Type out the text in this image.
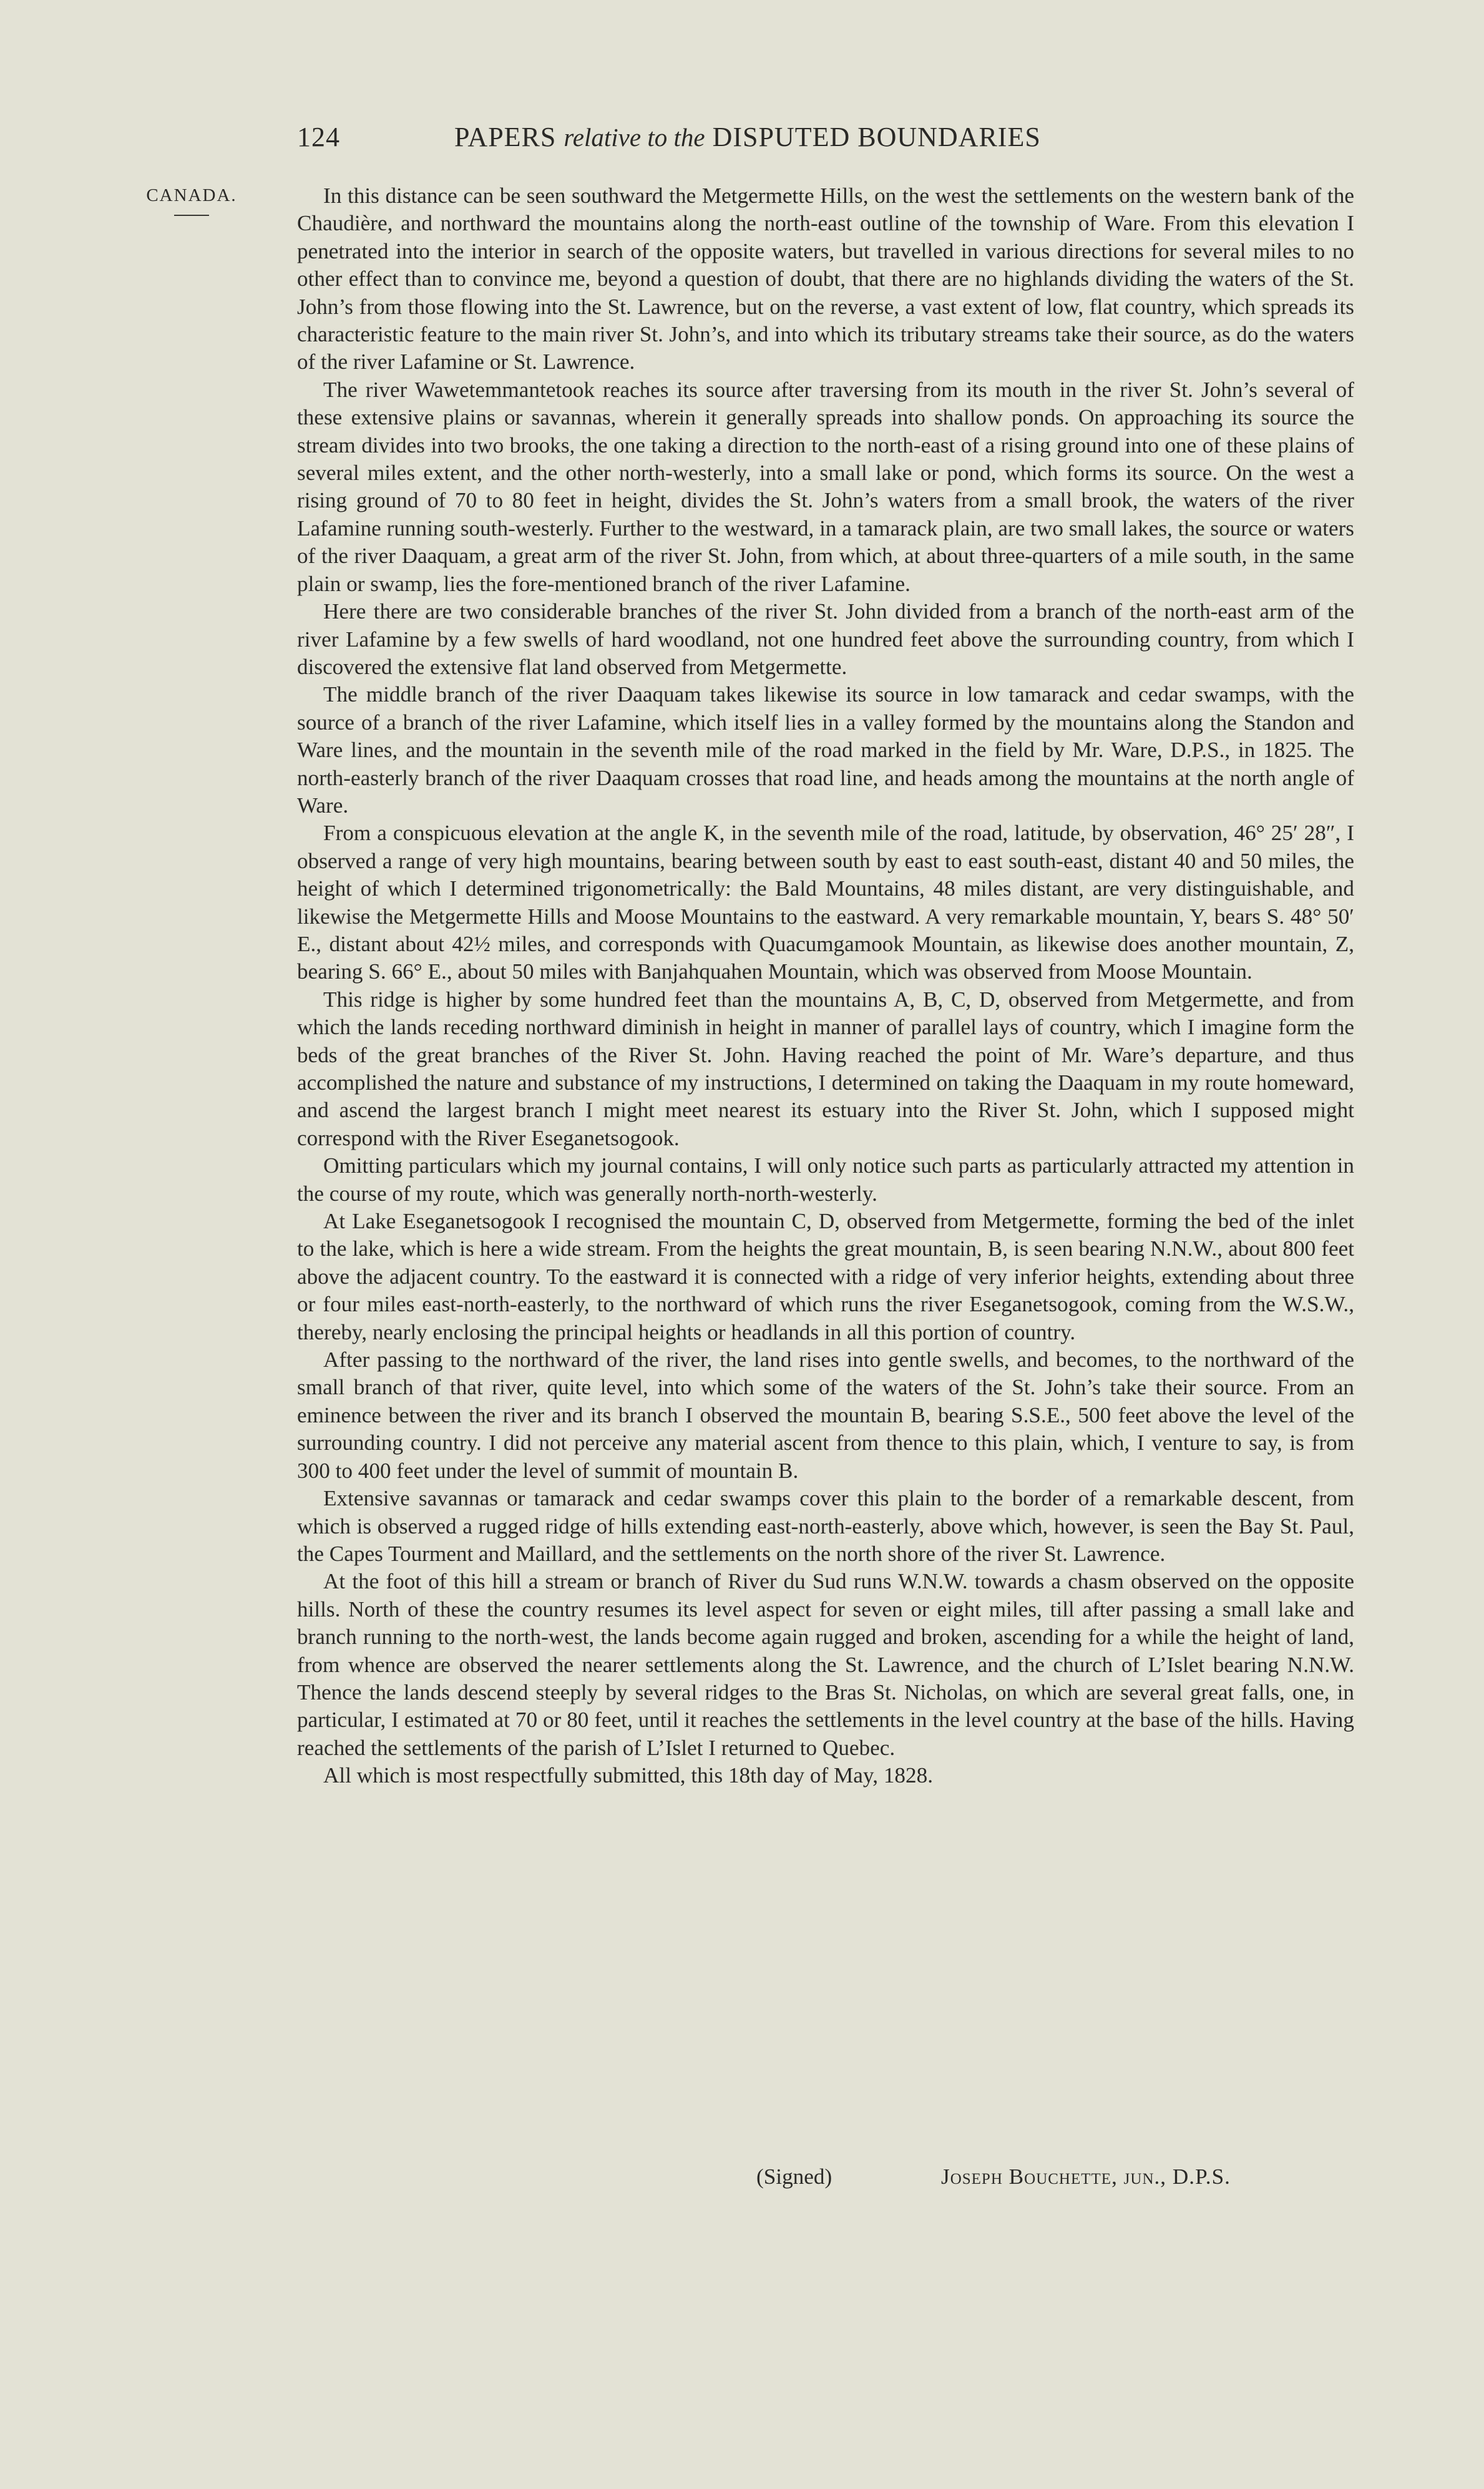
124	PAPERS relative to the DISPUTED BOUNDARIES
CANADA.	In this distance can be seen southward the Metgermette Hills, on the west the settlements on the western bank of the Chaudière, and northward the mountains along the north-east outline of the township of Ware. From this elevation I penetrated into the interior in search of the opposite waters, but travelled in various directions for several miles to no other effect than to convince me, beyond a question of doubt, that there are no highlands dividing the waters of the St. John’s from those flowing into the St. Lawrence, but on the reverse, a vast extent of low, flat country, which spreads its characteristic feature to the main river St. John’s, and into which its tributary streams take their source, as do the waters of the river Lafamine or St. Lawrence.

The river Wawetemmantetook reaches its source after traversing from its mouth in the river St. John’s several of these extensive plains or savannas, wherein it generally spreads into shallow ponds. On approaching its source the stream divides into two brooks, the one taking a direction to the north-east of a rising ground into one of these plains of several miles extent, and the other north-westerly, into a small lake or pond, which forms its source. On the west a rising ground of 70 to 80 feet in height, divides the St. John’s waters from a small brook, the waters of the river Lafamine running south-westerly. Further to the westward, in a tamarack plain, are two small lakes, the source or waters of the river Daaquam, a great arm of the river St. John, from which, at about three-quarters of a mile south, in the same plain or swamp, lies the fore-mentioned branch of the river Lafamine.

Here there are two considerable branches of the river St. John divided from a branch of the north-east arm of the river Lafamine by a few swells of hard woodland, not one hundred feet above the surrounding country, from which I discovered the extensive flat land observed from Metgermette.

The middle branch of the river Daaquam takes likewise its source in low tamarack and cedar swamps, with the source of a branch of the river Lafamine, which itself lies in a valley formed by the mountains along the Standon and Ware lines, and the mountain in the seventh mile of the road marked in the field by Mr. Ware, D.P.S., in 1825. The north-easterly branch of the river Daaquam crosses that road line, and heads among the mountains at the north angle of Ware.

From a conspicuous elevation at the angle K, in the seventh mile of the road, latitude, by observation, 46° 25′ 28″, I observed a range of very high mountains, bearing between south by east to east south-east, distant 40 and 50 miles, the height of which I determined trigonometrically: the Bald Mountains, 48 miles distant, are very distinguishable, and likewise the Metgermette Hills and Moose Mountains to the eastward. A very remarkable mountain, Y, bears S. 48° 50′ E., distant about 42½ miles, and corresponds with Quacumgamook Mountain, as likewise does another mountain, Z, bearing S. 66° E., about 50 miles with Banjahquahen Mountain, which was observed from Moose Mountain.

This ridge is higher by some hundred feet than the mountains A, B, C, D, observed from Metgermette, and from which the lands receding northward diminish in height in manner of parallel lays of country, which I imagine form the beds of the great branches of the River St. John. Having reached the point of Mr. Ware’s departure, and thus accomplished the nature and substance of my instructions, I determined on taking the Daaquam in my route homeward, and ascend the largest branch I might meet nearest its estuary into the River St. John, which I supposed might correspond with the River Eseganetsogook.

Omitting particulars which my journal contains, I will only notice such parts as particularly attracted my attention in the course of my route, which was generally north-north-westerly.

At Lake Eseganetsogook I recognised the mountain C, D, observed from Metgermette, forming the bed of the inlet to the lake, which is here a wide stream. From the heights the great mountain, B, is seen bearing N.N.W., about 800 feet above the adjacent country. To the eastward it is connected with a ridge of very inferior heights, extending about three or four miles east-north-easterly, to the northward of which runs the river Eseganetsogook, coming from the W.S.W., thereby, nearly enclosing the principal heights or headlands in all this portion of country.

After passing to the northward of the river, the land rises into gentle swells, and becomes, to the northward of the small branch of that river, quite level, into which some of the waters of the St. John’s take their source. From an eminence between the river and its branch I observed the mountain B, bearing S.S.E., 500 feet above the level of the surrounding country. I did not perceive any material ascent from thence to this plain, which, I venture to say, is from 300 to 400 feet under the level of summit of mountain B.

Extensive savannas or tamarack and cedar swamps cover this plain to the border of a remarkable descent, from which is observed a rugged ridge of hills extending east-north-easterly, above which, however, is seen the Bay St. Paul, the Capes Tourment and Maillard, and the settlements on the north shore of the river St. Lawrence.

At the foot of this hill a stream or branch of River du Sud runs W.N.W. towards a chasm observed on the opposite hills. North of these the country resumes its level aspect for seven or eight miles, till after passing a small lake and branch running to the north-west, the lands become again rugged and broken, ascending for a while the height of land, from whence are observed the nearer settlements along the St. Lawrence, and the church of L’Islet bearing N.N.W. Thence the lands descend steeply by several ridges to the Bras St. Nicholas, on which are several great falls, one, in particular, I estimated at 70 or 80 feet, until it reaches the settlements in the level country at the base of the hills. Having reached the settlements of the parish of L’Islet I returned to Quebec.

All which is most respectfully submitted, this 18th day of May, 1828.

(Signed)	Joseph Bouchette, jun., D.P.S.
